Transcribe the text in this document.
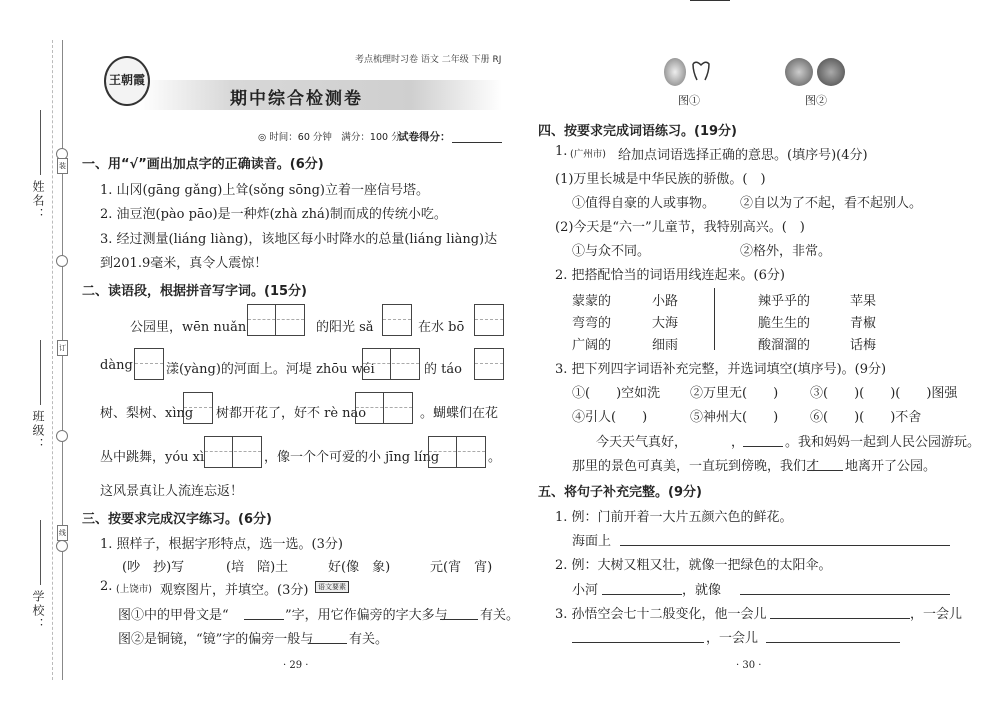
姓名：
班级：
学校：
装
订
线
考点梳理时习卷 语文 二年级 下册 RJ
王朝霞
期中综合检测卷
◎ 时间：60 分钟　满分：100 分
试卷得分：
一、用“√”画出加点字的正确读音。(6分)
1. 山冈(gāng gǎng)上耸(sǒng sōng)立着一座信号塔。
2. 油豆泡(pào pāo)是一种炸(zhà zhá)制而成的传统小吃。
3. 经过测量(liáng liàng)，该地区每小时降水的总量(liáng liàng)达
到201.9毫米，真令人震惊！
二、读语段，根据拼音写字词。(15分)
公园里，wēn nuǎn	的阳光 sǎ	在水 bō
dàng	漾(yàng)的河面上。河堤 zhōu wéi	的 táo
树、梨树、xìng 树都开花了，好不 rè nao	。蝴蝶们在花
丛中跳舞，yóu xì	，像一个个可爱的小 jīng líng	。
这风景真让人流连忘返！
三、按要求完成汉字练习。(6分)
1. 照样子，根据字形特点，选一选。(3分)
(吵　抄)写	(培　陪)土	好(像　象)	元(宵　宵)
2. (上饶市) 观察图片，并填空。(3分)	语文要素
图①中的甲骨文是“	”字，用它作偏旁的字大多与 有关。
图②是铜镜，“镜”字的偏旁一般与	有关。
· 29 ·
图①	图②
四、按要求完成词语练习。(19分)
1. (广州市) 给加点词语选择正确的意思。(填序号)(4分)
(1)万里长城是中华民族的骄傲。(　)
①值得自豪的人或事物。 ②自以为了不起，看不起别人。
(2)今天是“六一”儿童节，我特别高兴。(　)
①与众不同。	②格外，非常。
2. 把搭配恰当的词语用线连起来。(6分)
蒙蒙的
弯弯的
广阔的
小路
大海
细雨
辣乎乎的
脆生生的
酸溜溜的
苹果
青椒
话梅
3. 把下列四字词语补充完整，并选词填空(填序号)。(9分)
①(　　)空如洗 ②万里无(　　) ③(　　)(　　)(　　)图强
④引人(　　)	⑤神州大(　　) ⑥(　　)(　　)不舍
今天天气真好，	，	。我和妈妈一起到人民公园游玩。
那里的景色可真美，一直玩到傍晚，我们才 地离开了公园。
五、将句子补充完整。(9分)
1. 例：门前开着一大片五颜六色的鲜花。
海面上
2. 例：大树又粗又壮，就像一把绿色的太阳伞。
小河	，就像
3. 孙悟空会七十二般变化，他一会儿	，一会儿
，一会儿
· 30 ·
